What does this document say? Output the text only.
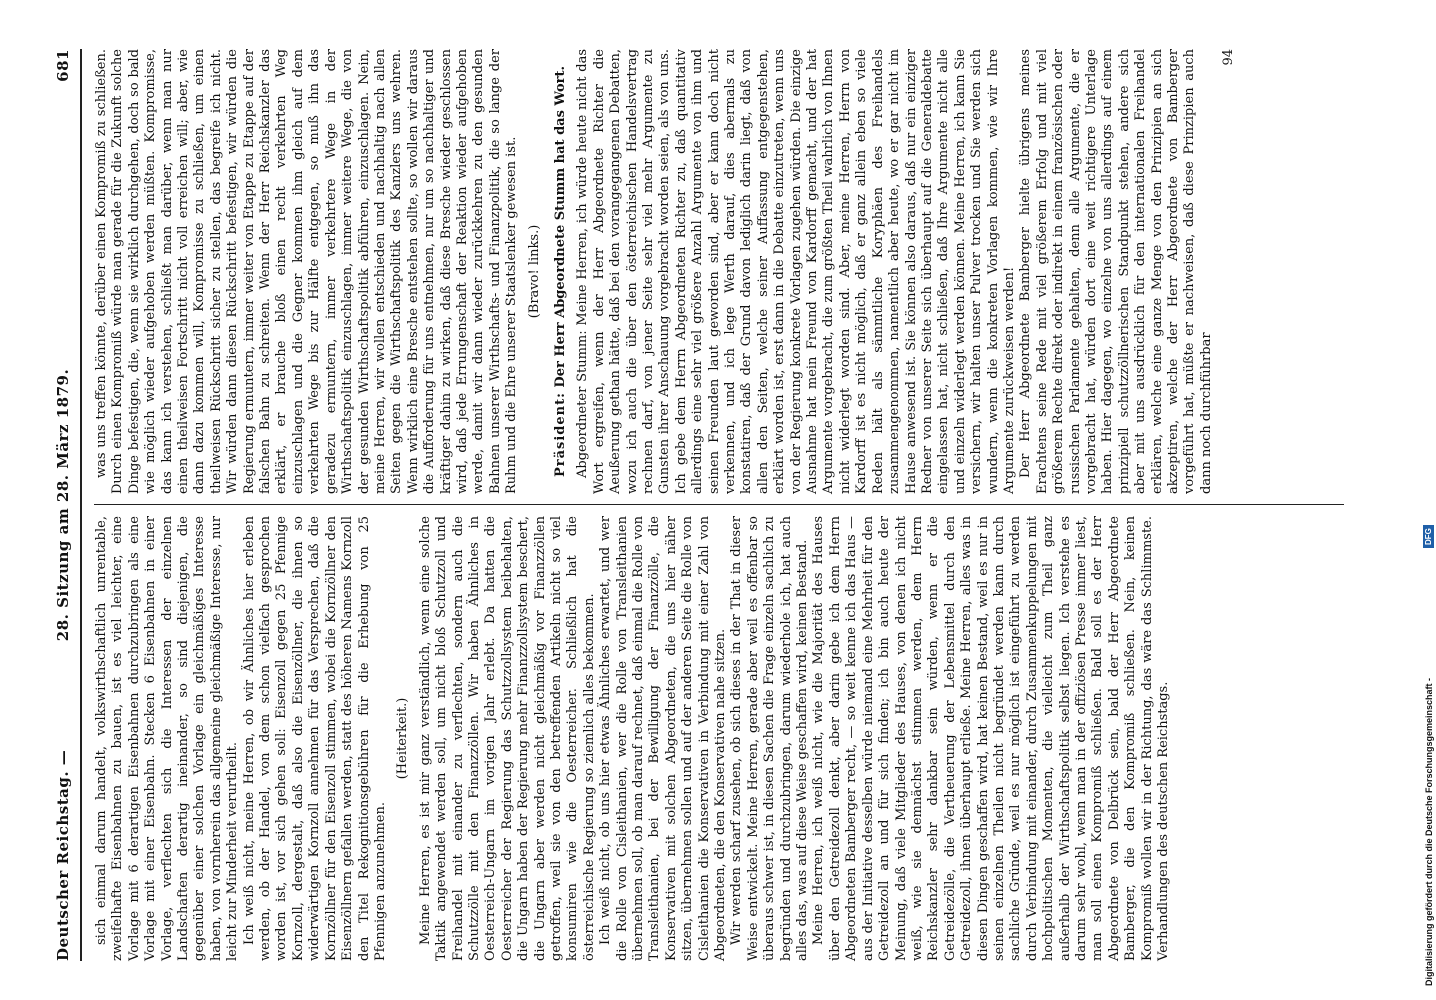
Deutscher Reichstag. —
28. Sitzung am 28. März 1879.
681

sich einmal darum handelt, volkswirthschaftlich unrentable, zweifelhafte Eisenbahnen zu bauen, ist es viel leichter, eine Vorlage mit 6 derartigen Eisenbahnen durchzubringen als eine Vorlage mit einer Eisenbahn. Stecken 6 Eisenbahnen in einer Vorlage, verflechten sich die Interessen der einzelnen Landschaften derartig ineinander, so sind diejenigen, die gegenüber einer solchen Vorlage ein gleichmäßiges Interesse haben, von vornherein das allgemeine gleichmäßige Interesse, nur leicht zur Minderheit verurtheilt. Ich weiß nicht, meine Herren, ob wir Ähnliches hier erleben werden, ob der Handel, von dem schon vielfach gesprochen worden ist, vor sich gehen soll: Eisenzoll gegen 25 Pfennige Kornzoll, dergestalt, daß also die Eisenzöllner, die ihnen so widerwärtigen Kornzoll annehmen für das Versprechen, daß die Kornzöllner für den Eisenzoll stimmen, wobei die Kornzöllner den Eisenzöllnern gefallen werden, statt des höheren Namens Kornzoll den Titel Rekognitionsgebühren für die Erhebung von 25 Pfennigen anzunehmen.

(Heiterkeit.) Meine Herren, es ist mir ganz verständlich, wenn eine solche Taktik angewendet werden soll, um nicht bloß Schutzzoll und Freihandel mit einander zu verflechten, sondern auch die Schutzzölle mit den Finanzzöllen. Wir haben Ähnliches in Oesterreich-Ungarn im vorigen Jahr erlebt. Da hatten die Oesterreicher der Regierung das Schutzzollsystem beibehalten, die Ungarn haben der Regierung mehr Finanzzollsystem beschert, die Ungarn aber werden nicht gleichmäßig vor Finanzzöllen getroffen, weil sie von den betreffenden Artikeln nicht so viel konsumiren wie die Oesterreicher. Schließlich hat die österreichische Regierung so ziemlich alles bekommen. Ich weiß nicht, ob uns hier etwas Ähnliches erwartet, und wer die Rolle von Cisleithanien, wer die Rolle von Transleithanien übernehmen soll, ob man darauf rechnet, daß einmal die Rolle von Transleithanien, bei der Bewilligung der Finanzzölle, die Konservativen mit solchen Abgeordneten, die uns hier näher sitzen, übernehmen sollen und auf der anderen Seite die Rolle von Cisleithanien die Konservativen in Verbindung mit einer Zahl von Abgeordneten, die den Konservativen nahe sitzen. Wir werden scharf zusehen, ob sich dieses in der That in dieser Weise entwickelt. Meine Herren, gerade aber weil es offenbar so überaus schwer ist, in diesen Sachen die Frage einzeln sachlich zu begründen und durchzubringen, darum wiederhole ich, hat auch alles das, was auf diese Weise geschaffen wird, keinen Bestand. Meine Herren, ich weiß nicht, wie die Majorität des Hauses über den Getreidezoll denkt, aber darin gebe ich dem Herrn Abgeordneten Bamberger recht, — so weit kenne ich das Haus — aus der Initiative desselben würde niemand eine Mehrheit für den Getreidezoll an und für sich finden; ich bin auch heute der Meinung, daß viele Mitglieder des Hauses, von denen ich nicht weiß, wie sie demnächst stimmen werden, dem Herrn Reichskanzler sehr dankbar sein würden, wenn er die Getreidezölle, die Vertheuerung der Lebensmittel durch den Getreidezoll, ihnen überhaupt erließe. Meine Herren, alles was in diesen Dingen geschaffen wird, hat keinen Bestand, weil es nur in seinen einzelnen Theilen nicht begründet werden kann durch sachliche Gründe, weil es nur möglich ist eingeführt zu werden durch Verbindung mit einander, durch Zusammenkuppelungen mit hochpolitischen Momenten, die vielleicht zum Theil ganz außerhalb der Wirthschaftspolitik selbst liegen. Ich verstehe es darum sehr wohl, wenn man in der offiziösen Presse immer liest, man soll einen Kompromiß schließen. Bald soll es der Herr Abgeordnete von Delbrück sein, bald der Herr Abgeordnete Bamberger, die den Kompromiß schließen. Nein, keinen Kompromiß wollen wir in der Richtung, das wäre das Schlimmste. Verhandlungen des deutschen Reichstags.

was uns treffen könnte, derüber einen Kompromiß zu schließen. Durch einen Kompromiß würde man gerade für die Zukunft solche Dinge befestigen, die, wenn sie wirklich durchgehen, doch so bald wie möglich wieder aufgehoben werden müßten. Kompromisse, das kann ich verstehen, schließt man darüber, wenn man nur einen theilweisen Fortschritt nicht voll erreichen will; aber, wie dann dazu kommen will, Kompromisse zu schließen, um einen theilweisen Rückschritt sicher zu stellen, das begreife ich nicht. Wir würden dann diesen Rückschritt befestigen, wir würden die Regierung ermuntern, immer weiter von Etappe zu Etappe auf der falschen Bahn zu schreiten. Wenn der Herr Reichskanzler das erklärt, er brauche bloß einen recht verkehrten Weg einzuschlagen und die Gegner kommen ihm gleich auf dem verkehrten Wege bis zur Hälfte entgegen, so muß ihn das geradezu ermuntern, immer verkehrtere Wege in der Wirthschaftspolitik einzuschlagen, immer weitere Wege, die von der gesunden Wirthschaftspolitik abführen, einzuschlagen. Nein, meine Herren, wir wollen entschieden und nachhaltig nach allen Seiten gegen die Wirthschaftspolitik des Kanzlers uns wehren. Wenn wirklich eine Bresche entstehen sollte, so wollen wir daraus die Aufforderung für uns entnehmen, nur um so nachhaltiger und kräftiger dahin zu wirken, daß diese Bresche wieder geschlossen wird, daß jede Errungenschaft der Reaktion wieder aufgehoben werde, damit wir dann wieder zurückkehren zu den gesunden Bahnen unserer Wirthschafts- und Finanzpolitik, die so lange der Ruhm und die Ehre unserer Staatslenker gewesen ist. (Bravo! links.)

Präsident: Der Herr Abgeordnete Stumm hat das Wort. Abgeordneter Stumm: Meine Herren, ich würde heute nicht das Wort ergreifen, wenn der Herr Abgeordnete Richter die Aeußerung gethan hätte, daß bei den vorangegangenen Debatten, wozu ich auch die über den österreichischen Handelsvertrag rechnen darf, von jener Seite sehr viel mehr Argumente zu Gunsten ihrer Anschauung vorgebracht worden seien, als von uns. Ich gebe dem Herrn Abgeordneten Richter zu, daß quantitativ allerdings eine sehr viel größere Anzahl Argumente von ihm und seinen Freunden laut geworden sind, aber er kann doch nicht verkennen, und ich lege Werth darauf, dies abermals zu konstatiren, daß der Grund davon lediglich darin liegt, daß von allen den Seiten, welche seiner Auffassung entgegenstehen, erklärt worden ist, erst dann in die Debatte einzutreten, wenn uns von der Regierung konkrete Vorlagen zugehen würden. Die einzige Ausnahme hat mein Freund von Kardorff gemacht, und der hat Argumente vorgebracht, die zum größten Theil wahrlich von Ihnen nicht widerlegt worden sind. Aber, meine Herren, Herrn von Kardorff ist es nicht möglich, daß er ganz allein eben so viele Reden hält als sämmtliche Koryphäen des Freihandels zusammengenommen, namentlich aber heute, wo er gar nicht im Hause anwesend ist. Sie können also daraus, daß nur ein einziger Redner von unserer Seite sich überhaupt auf die Generaldebatte eingelassen hat, nicht schließen, daß Ihre Argumente nicht alle und einzeln widerlegt werden können. Meine Herren, ich kann Sie versichern, wir halten unser Pulver trocken und Sie werden sich wundern, wenn die konkreten Vorlagen kommen, wie wir Ihre Argumente zurückweisen werden! Der Herr Abgeordnete Bamberger hielte übrigens meines Erachtens seine Rede mit viel größerem Erfolg und mit viel größerem Rechte direkt oder indirekt in einem französischen oder russischen Parlamente gehalten, denn alle Argumente, die er vorgebracht hat, würden dort eine weit richtigere Unterlage haben. Hier dagegen, wo einzelne von uns allerdings auf einem prinzipiell schutzzöllnerischen Standpunkt stehen, andere sich aber mit uns ausdrücklich für den internationalen Freihandel erklären, welche eine ganze Menge von den Prinzipien an sich akzeptiren, welche der Herr Abgeordnete von Bamberger vorgeführt hat, müßte er nachweisen, daß diese Prinzipien auch dann noch durchführbar

94
Digitalisierung gefördert durch die Deutsche Forschungsgemeinschaft -
DFG
